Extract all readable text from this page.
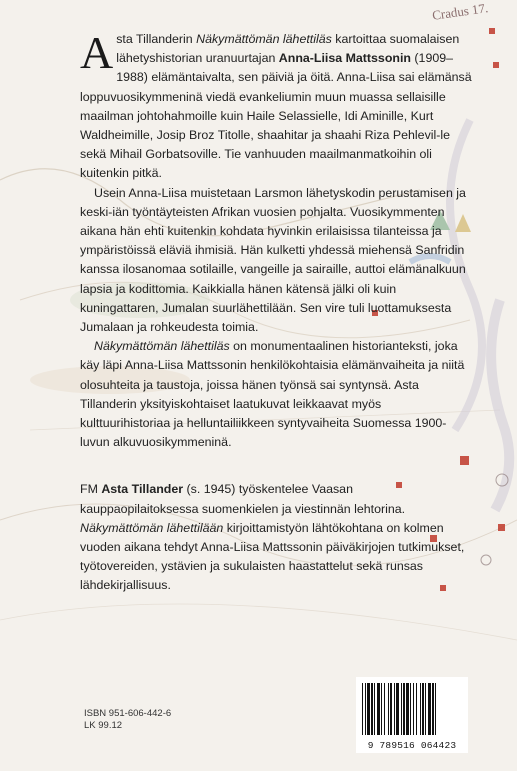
Cradus 17.

Asta Tillanderin Näkymättömän lähettiläs kartoittaa suomalaisen lähetyshistorian uranuurtajan Anna-Liisa Mattssonin (1909–1988) elämäntaivalta, sen päiviä ja öitä. Anna-Liisa sai elämänsä loppuvuosikymmeninä viedä evankeliumin muun muassa sellaisille maailman johtohahmoille kuin Haile Selassielle, Idi Aminille, Kurt Waldheimille, Josip Broz Titolle, shaahitar ja shaahi Riza Pehlevil-le sekä Mihail Gorbatsoville. Tie vanhuuden maailmanmatkoihin oli kuitenkin pitkä.

Usein Anna-Liisa muistetaan Larsmon lähetyskodin perustamisen ja keski-iän työntäyteisten Afrikan vuosien pohjalta. Vuosikymmenten aikana hän ehti kuitenkin kohdata hyvinkin erilaisissa tilanteissa ja ympäristöissä eläviä ihmisiä. Hän kulketti yhdessä miehensä Sanfridin kanssa ilosanomaa sotilaille, vangeille ja sairaille, auttoi elämänalkuun lapsia ja kodittomia. Kaikkialla hänen kätensä jälki oli kuin kuningattaren, Jumalan suurlähettilään. Sen vire tuli luottamuksesta Jumalaan ja rohkeudesta toimia.

Näkymättömän lähettiläs on monumentaalinen historianteksti, joka käy läpi Anna-Liisa Mattssonin henkilökohtaisia elämänvaiheita ja niitä olosuhteita ja taustoja, joissa hänen työnsä sai syntynsä. Asta Tillanderin yksityiskohtaiset laatukuvat leikkaavat myös kulttuurihistoriaa ja helluntailiikkeen syntyvaiheita Suomessa 1900-luvun alkuvuosikymmeninä.

FM Asta Tillander (s. 1945) työskentelee Vaasan kauppaopilaitoksessa suomenkielen ja viestinnän lehtorina. Näkymättömän lähettilään kirjoittamistyön lähtökohtana on kolmen vuoden aikana tehdyt Anna-Liisa Mattssonin päiväkirjojen tutkimukset, työtovereiden, ystävien ja sukulaisten haastattelut sekä runsas lähdekirjallisuus.

ISBN 951-606-442-6
LK 99.12
9 789516 064423
